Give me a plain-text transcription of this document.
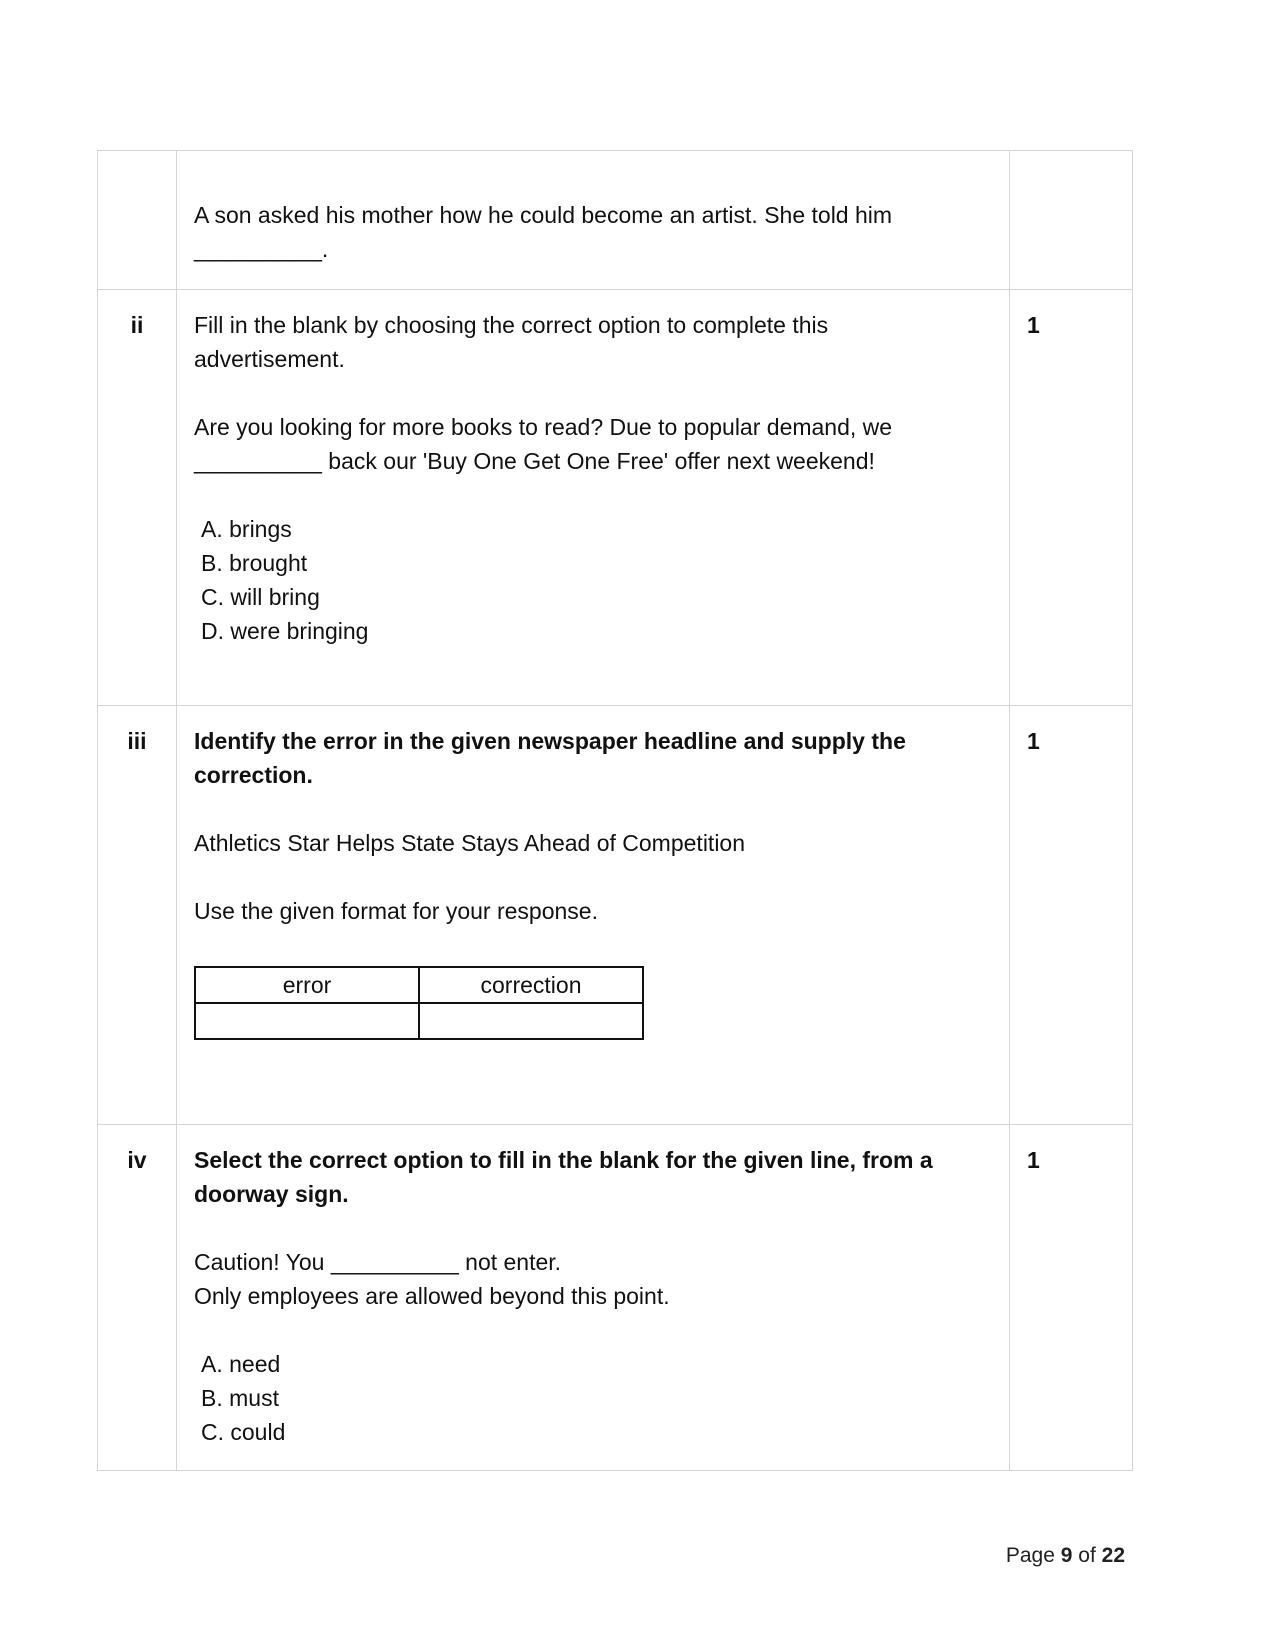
A son asked his mother how he could become an artist. She told him __________.

ii	Fill in the blank by choosing the correct option to complete this advertisement.

Are you looking for more books to read? Due to popular demand, we __________ back our 'Buy One Get One Free' offer next weekend!

A. brings
B. brought
C. will bring
D. were bringing
	1
iii	Identify the error in the given newspaper headline and supply the correction.

Athletics Star Helps State Stays Ahead of Competition

Use the given format for your response.

error	correction

	1
iv	Select the correct option to fill in the blank for the given line, from a doorway sign.

Caution! You __________ not enter.

Only employees are allowed beyond this point.

A. need
B. must
C. could
	1
Page 9 of 22
